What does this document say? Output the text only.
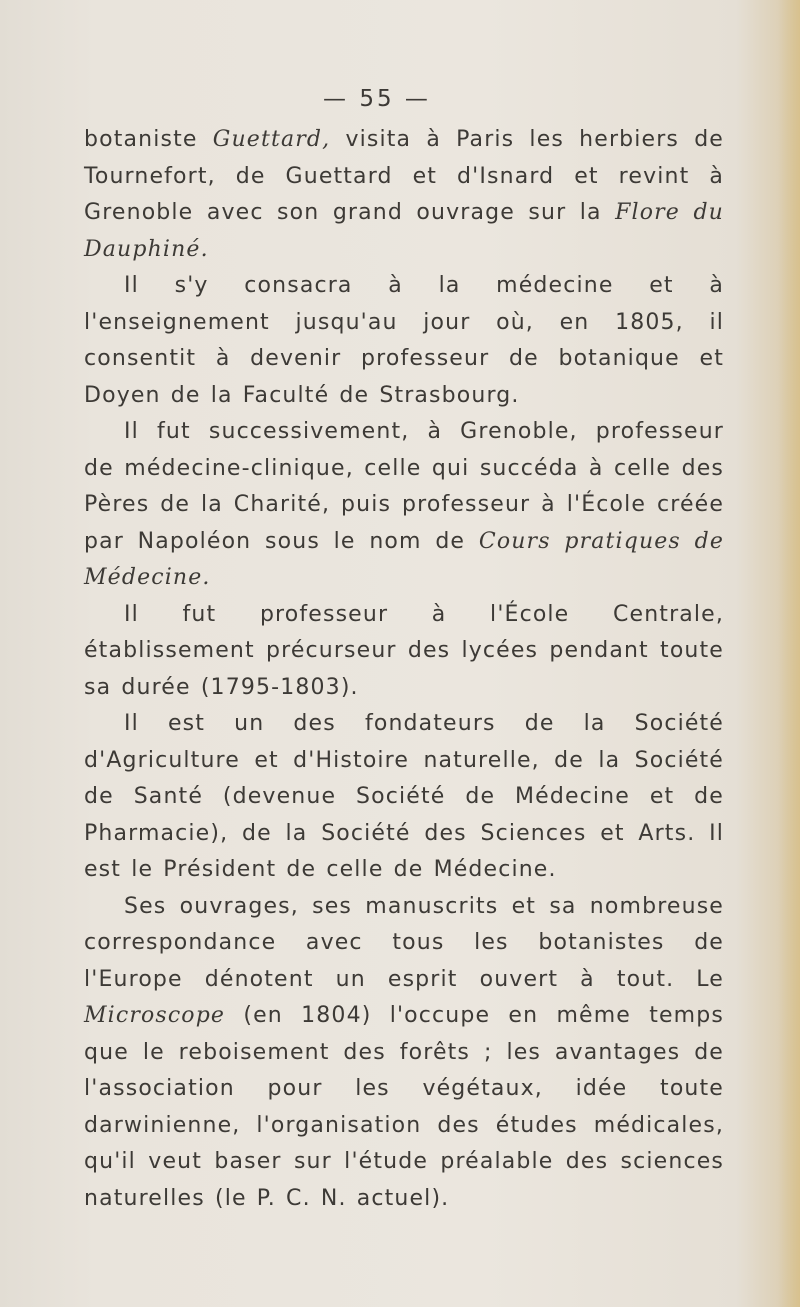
— 55 —

botaniste Guettard, visita à Paris les herbiers de Tournefort, de Guettard et d'Isnard et revint à Grenoble avec son grand ouvrage sur la Flore du Dauphiné.

Il s'y consacra à la médecine et à l'enseignement jusqu'au jour où, en 1805, il consentit à devenir professeur de botanique et Doyen de la Faculté de Strasbourg.

Il fut successivement, à Grenoble, professeur de médecine-clinique, celle qui succéda à celle des Pères de la Charité, puis professeur à l'École créée par Napoléon sous le nom de Cours pratiques de Médecine.

Il fut professeur à l'École Centrale, établissement précurseur des lycées pendant toute sa durée (1795-1803).

Il est un des fondateurs de la Société d'Agriculture et d'Histoire naturelle, de la Société de Santé (devenue Société de Médecine et de Pharmacie), de la Société des Sciences et Arts. Il est le Président de celle de Médecine.

Ses ouvrages, ses manuscrits et sa nombreuse correspondance avec tous les botanistes de l'Europe dénotent un esprit ouvert à tout. Le Microscope (en 1804) l'occupe en même temps que le reboisement des forêts ; les avantages de l'association pour les végétaux, idée toute darwinienne, l'organisation des études médicales, qu'il veut baser sur l'étude préalable des sciences naturelles (le P. C. N. actuel).
